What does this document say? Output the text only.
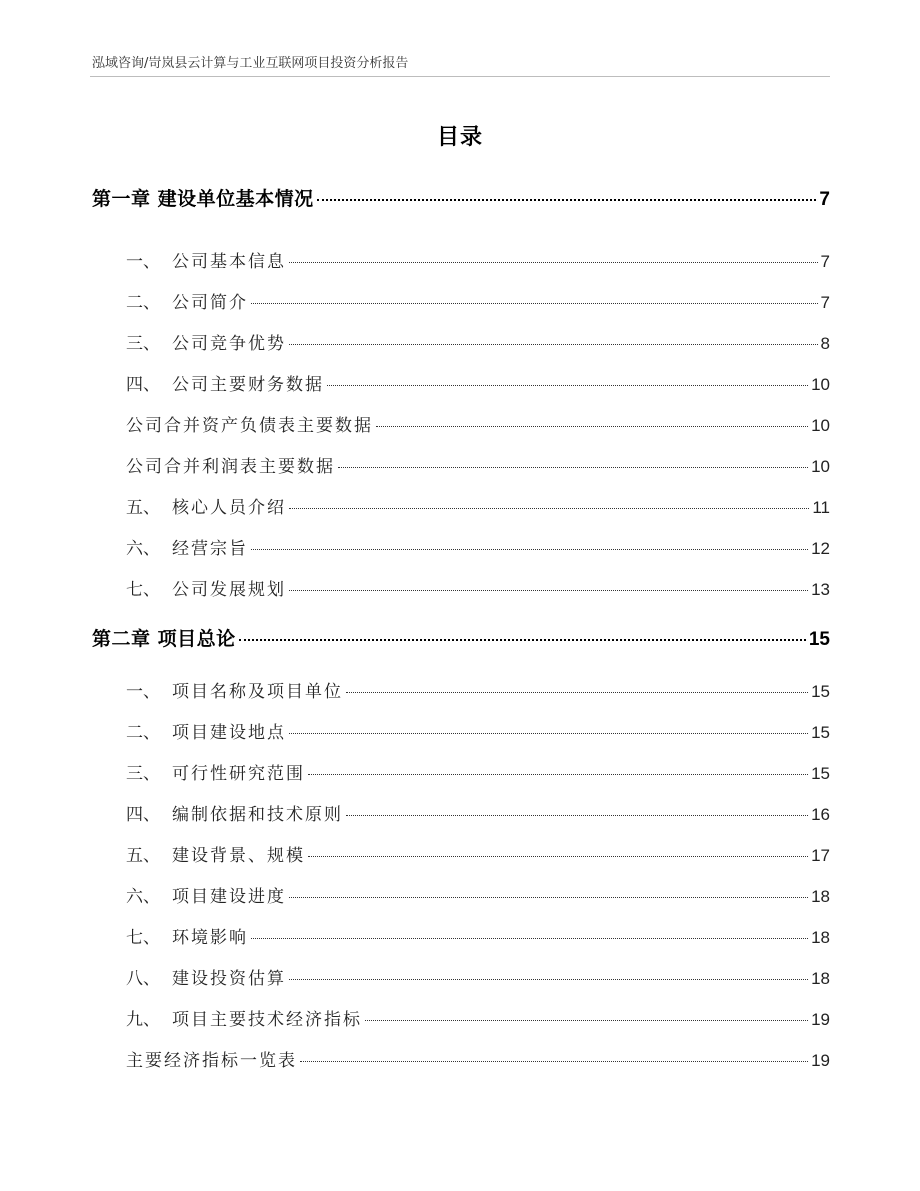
泓域咨询/岢岚县云计算与工业互联网项目投资分析报告
目录
第一章 建设单位基本情况	7
一、 公司基本信息	7
二、 公司简介	7
三、 公司竞争优势	8
四、 公司主要财务数据	10
公司合并资产负债表主要数据	10
公司合并利润表主要数据	10
五、 核心人员介绍	11
六、 经营宗旨	12
七、 公司发展规划	13
第二章 项目总论	15
一、 项目名称及项目单位	15
二、 项目建设地点	15
三、 可行性研究范围	15
四、 编制依据和技术原则	16
五、 建设背景、规模	17
六、 项目建设进度	18
七、 环境影响	18
八、 建设投资估算	18
九、 项目主要技术经济指标	19
主要经济指标一览表	19
